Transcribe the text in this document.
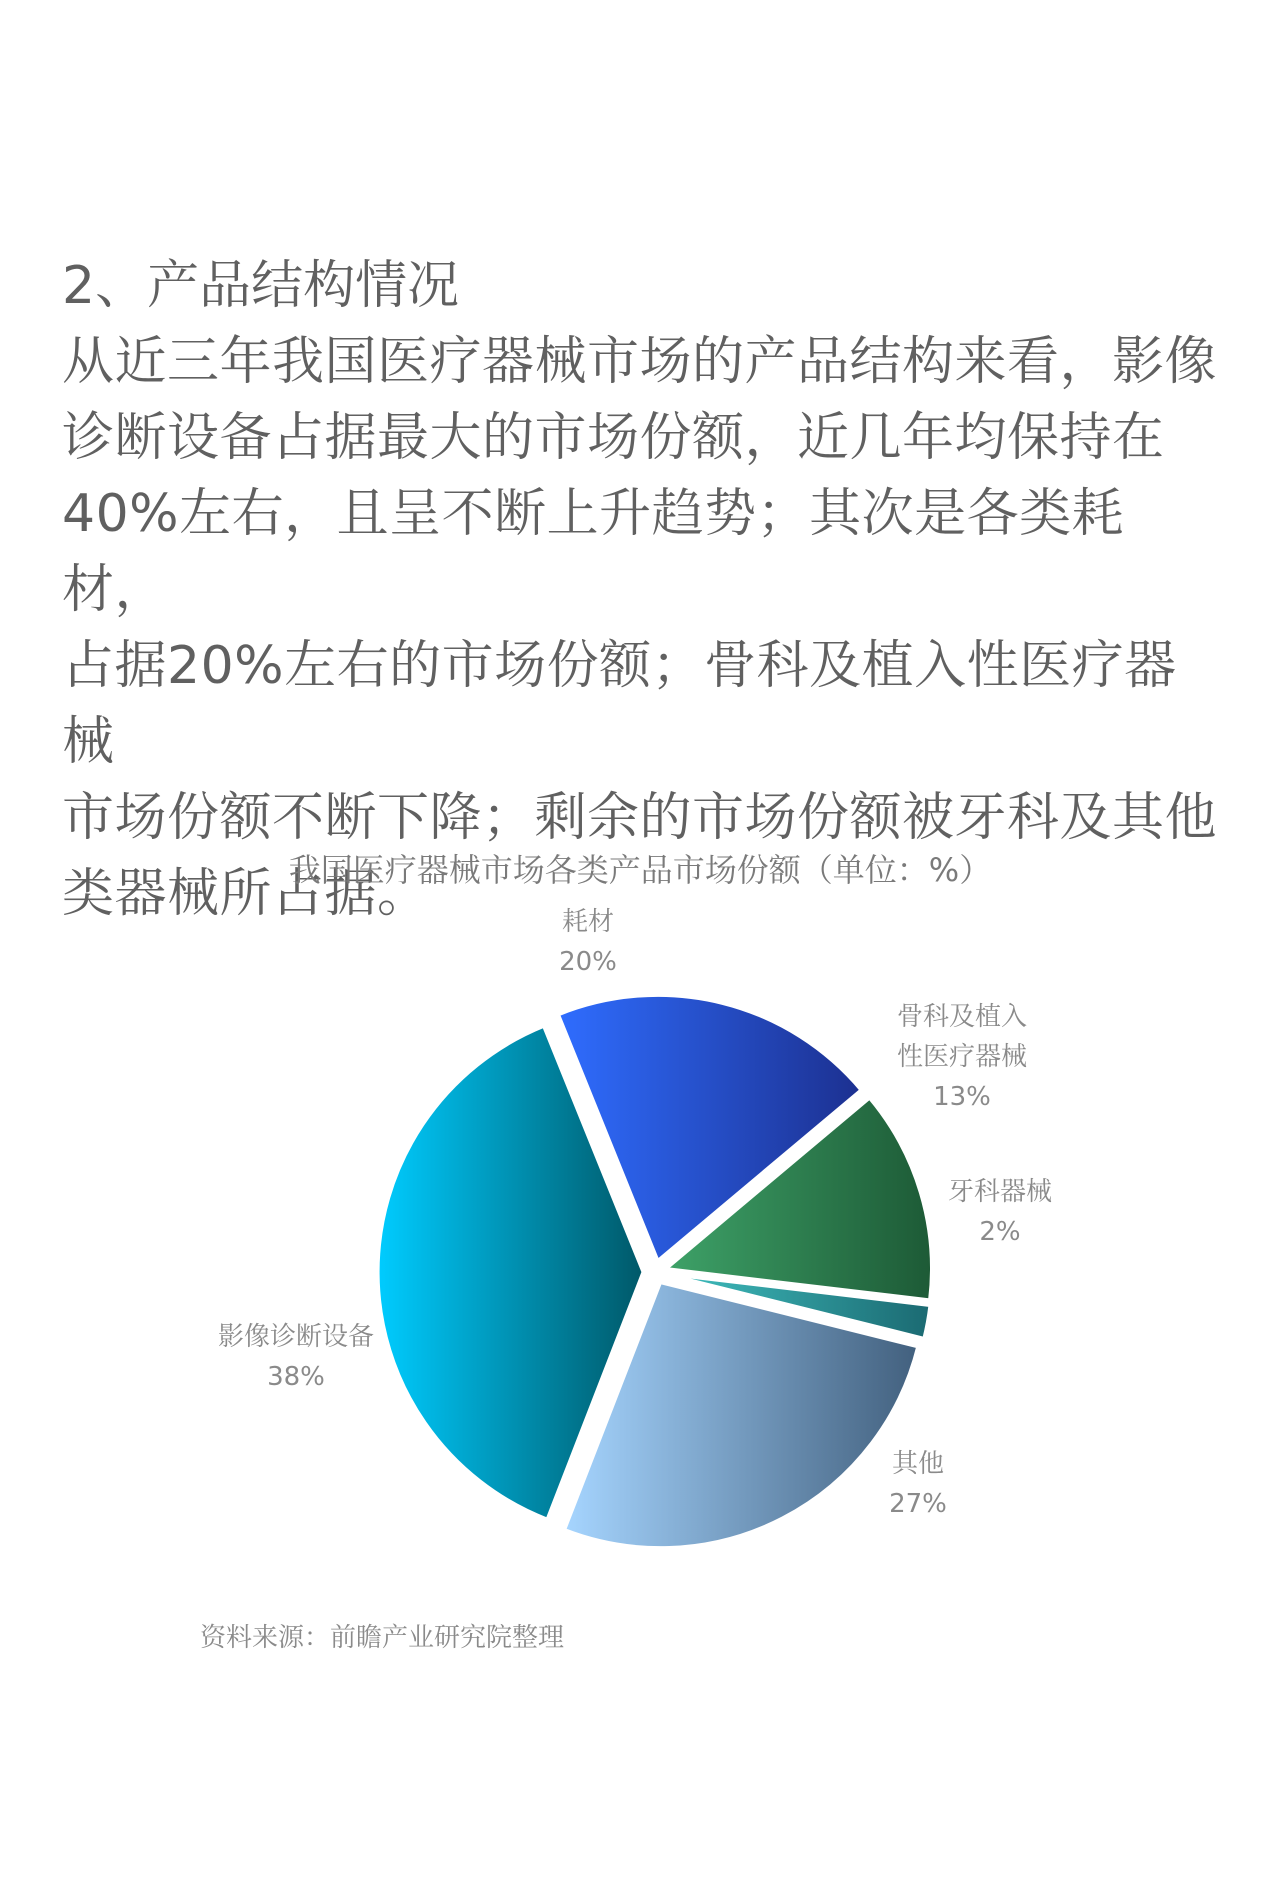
2、产品结构情况

从近三年我国医疗器械市场的产品结构来看，影像

诊断设备占据最大的市场份额，近几年均保持在

40%左右，且呈不断上升趋势；其次是各类耗材，

占据20%左右的市场份额；骨科及植入性医疗器械

市场份额不断下降；剩余的市场份额被牙科及其他

类器械所占据。

我国医疗器械市场各类产品市场份额（单位：%）
耗材
20%
骨科及植入
性医疗器械
13%
牙科器械
2%
其他
27%
影像诊断设备
38%

资料来源：前瞻产业研究院整理
